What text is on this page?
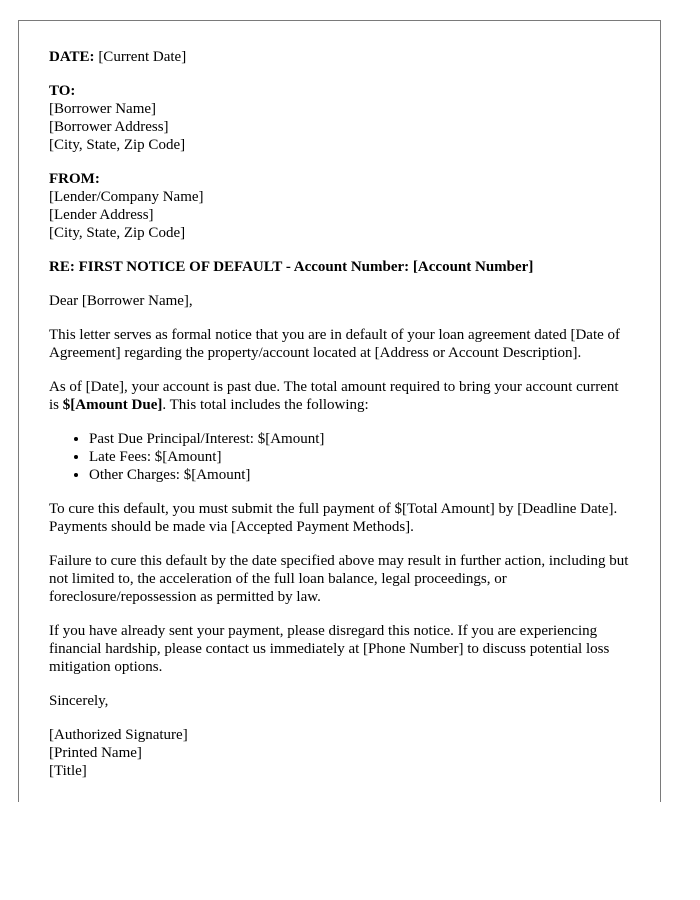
DATE: [Current Date]
TO:
[Borrower Name]
[Borrower Address]
[City, State, Zip Code]
FROM:
[Lender/Company Name]
[Lender Address]
[City, State, Zip Code]

RE: FIRST NOTICE OF DEFAULT - Account Number: [Account Number]

Dear [Borrower Name],

This letter serves as formal notice that you are in default of your loan agreement dated [Date of Agreement] regarding the property/account located at [Address or Account Description].

As of [Date], your account is past due. The total amount required to bring your account current is $[Amount Due]. This total includes the following:

• Past Due Principal/Interest: $[Amount]
• Late Fees: $[Amount]
• Other Charges: $[Amount]

To cure this default, you must submit the full payment of $[Total Amount] by [Deadline Date]. Payments should be made via [Accepted Payment Methods].

Failure to cure this default by the date specified above may result in further action, including but not limited to, the acceleration of the full loan balance, legal proceedings, or foreclosure/repossession as permitted by law.

If you have already sent your payment, please disregard this notice. If you are experiencing financial hardship, please contact us immediately at [Phone Number] to discuss potential loss mitigation options.

Sincerely,

[Authorized Signature]
[Printed Name]
[Title]
